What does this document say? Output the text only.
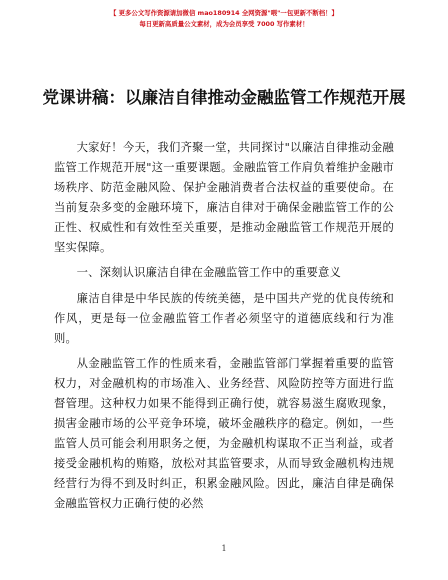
【 更多公文写作资源请加微信 mao180914 全网资源"喂"一包更新不断档！】
每日更新高质量公文素材，成为会员享受 7000 写作素材！
党课讲稿：以廉洁自律推动金融监管工作规范开展

大家好！今天，我们齐聚一堂，共同探讨"以廉洁自律推动金融监管工作规范开展"这一重要课题。金融监管工作肩负着维护金融市场秩序、防范金融风险、保护金融消费者合法权益的重要使命。在当前复杂多变的金融环境下，廉洁自律对于确保金融监管工作的公正性、权威性和有效性至关重要，是推动金融监管工作规范开展的坚实保障。

一、深刻认识廉洁自律在金融监管工作中的重要意义

廉洁自律是中华民族的传统美德，是中国共产党的优良传统和作风，更是每一位金融监管工作者必须坚守的道德底线和行为准则。

从金融监管工作的性质来看，金融监管部门掌握着重要的监管权力，对金融机构的市场准入、业务经营、风险防控等方面进行监督管理。这种权力如果不能得到正确行使，就容易滋生腐败现象，损害金融市场的公平竞争环境，破坏金融秩序的稳定。例如，一些监管人员可能会利用职务之便，为金融机构谋取不正当利益，或者接受金融机构的贿赂，放松对其监管要求，从而导致金融机构违规经营行为得不到及时纠正，积累金融风险。因此，廉洁自律是确保金融监管权力正确行使的必然

1
